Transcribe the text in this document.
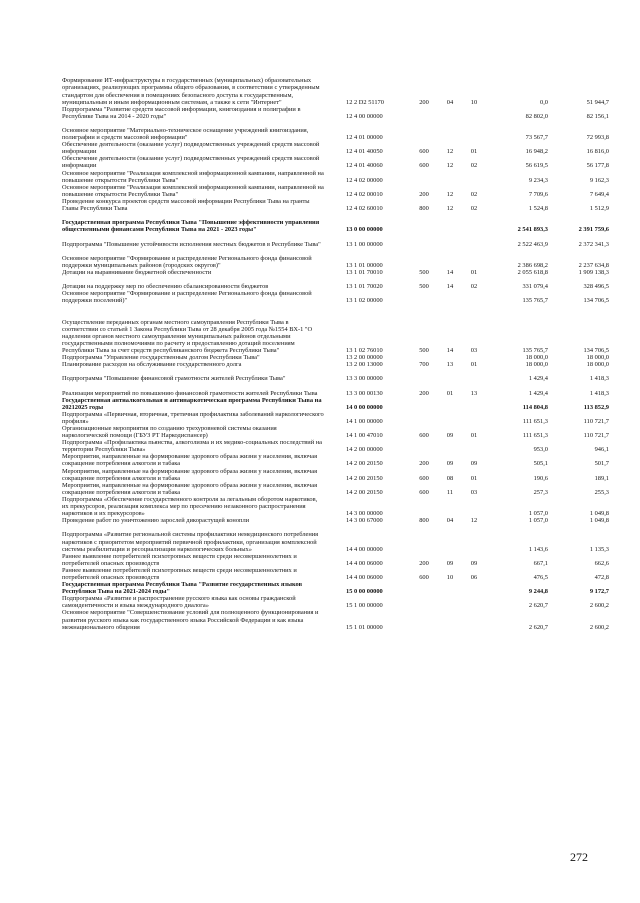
Формирование ИТ-инфраструктуры в государственных (муниципальных) образовательных организациях, реализующих программы общего образования, в соответствии с утвержденным стандартом для обеспечения в помещениях безопасного доступа к государственным, муниципальным и иным информационным системам, а также к сети "Интернет"	12 2 D2 51170	200	04	10	0,0	51 944,7
Подпрограмма "Развитие средств массовой информации, книгоиздания и полиграфии в Республике Тыва на 2014 - 2020 годы"	12 4 00 00000	82 802,0	82 156,1
Основное мероприятие "Материально-техническое оснащение учреждений книгоиздания, полиграфии и средств массовой информации"	12 4 01 00000	73 567,7	72 993,8
Обеспечение деятельности (оказание услуг) подведомственных учреждений средств массовой информации	12 4 01 40050	600	12	01	16 948,2	16 816,0
Обеспечение деятельности (оказание услуг) подведомственных учреждений средств массовой информации	12 4 01 40060	600	12	02	56 619,5	56 177,8
Основное мероприятие "Реализация комплексной информационной кампании, направленной на повышение открытости Республики Тыва"	12 4 02 00000	9 234,3	9 162,3
Основное мероприятие "Реализация комплексной информационной кампании, направленной на повышение открытости Республики Тыва"	12 4 02 00010	200	12	02	7 709,6	7 649,4
Проведение конкурса проектов средств массовой информации Республики Тыва на гранты Главы Республики Тыва	12 4 02 60010	800	12	02	1 524,8	1 512,9
Государственная программа Республики Тыва "Повышение эффективности управления общественными финансами Республики Тыва на 2021 - 2023 годы"	13 0 00 00000	2 541 893,3	2 391 759,6
Подпрограмма "Повышение устойчивости исполнения местных бюджетов в Республике Тыва"	13 1 00 00000	2 522 463,9	2 372 341,3
Основное мероприятие "Формирование и распределение Регионального фонда финансовой поддержки муниципальных районов (городских округов)"	13 1 01 00000	2 386 698,2	2 237 634,8
Дотации на выравнивание бюджетной обеспеченности	13 1 01 70010	500	14	01	2 055 618,8	1 909 138,3
Дотации на поддержку мер по обеспечению сбалансированности бюджетов	13 1 01 70020	500	14	02	331 079,4	328 496,5
Основное мероприятие "Формирование и распределение Регионального фонда финансовой поддержки поселений)"	13 1 02 00000	135 765,7	134 706,5
Осуществление переданных органам местного самоуправления Республики Тыва в соответствии со статьей 1 Закона Республики Тыва от 28 декабря 2005 года №1554 ВХ-1 "О наделении органов местного самоуправления муниципальных районов отдельными государственными полномочиями по расчету и предоставлению дотаций поселениям Республики Тыва за счет средств республиканского бюджета Республики Тыва"	13 1 02 76010	500	14	03	135 765,7	134 706,5
Подпрограмма "Управление государственным долгом Республики Тыва"	13 2 00 00000	18 000,0	18 000,0
Планирование расходов на обслуживание государственного долга	13 2 00 13000	700	13	01	18 000,0	18 000,0
Подпрограмма "Повышение финансовой грамотности жителей Республики Тыва"	13 3 00 00000	1 429,4	1 418,3
Реализация мероприятий по повышению финансовой грамотности жителей Республики Тыва	13 3 00 00130	200	01	13	1 429,4	1 418,3
Государственная антиалкогольная и антинаркотическая программа Республики Тыва на 20212025 годы	14 0 00 00000	114 804,8	113 852,9
Подпрограмма «Первичная, вторичная, третичная профилактика заболеваний наркологического профиля»	14 1 00 00000	111 651,3	110 721,7
Организационные мероприятия по созданию трехуровневой системы оказания наркологической помощи (ГБУЗ РТ Наркодиспансер)	14 1 00 47010	600	09	01	111 651,3	110 721,7
Подпрограмма «Профилактика пьянства, алкоголизма и их медико-социальных последствий на территории Республики Тыва»	14 2 00 00000	953,0	946,1
Мероприятия, направленные на формирование здорового образа жизни у населения, включая сокращение потребления алкоголя и табака	14 2 00 20150	200	09	09	505,1	501,7
Мероприятия, направленные на формирование здорового образа жизни у населения, включая сокращение потребления алкоголя и табака	14 2 00 20150	600	08	01	190,6	189,1
Мероприятия, направленные на формирование здорового образа жизни у населения, включая сокращение потребления алкоголя и табака	14 2 00 20150	600	11	03	257,3	255,3
Подпрограмма «Обеспечение государственного контроля за легальным оборотом наркотиков, их прекурсоров, реализация комплекса мер по пресечению незаконного распространения наркотиков и их прекурсоров»	14 3 00 00000	1 057,0	1 049,8
Проведение работ по уничтожению зарослей дикорастущей конопли	14 3 00 67000	800	04	12	1 057,0	1 049,8
Подпрограмма «Развитие региональной системы профилактики немедицинского потребления наркотиков с приоритетом мероприятий первичной профилактики, организация комплексной системы реабилитации и ресоциализации наркологических больных»	14 4 00 00000	1 143,6	1 135,3
Раннее выявление потребителей психотропных веществ среди несовершеннолетних и потребителей опасных производств	14 4 00 06000	200	09	09	667,1	662,6
Раннее выявление потребителей психотропных веществ среди несовершеннолетних и потребителей опасных производств	14 4 00 06000	600	10	06	476,5	472,8
Государственная программа Республики Тыва "Развитие государственных языков Республики Тыва на 2021-2024 годы"	15 0 00 00000	9 244,8	9 172,7
Подпрограмма «Развитие и распространение русского языка как основы гражданской самоидентичности и языка международного диалога»	15 1 00 00000	2 620,7	2 600,2
Основное мероприятие "Совершенствование условий для полноценного функционирования и развития русского языка как государственного языка Российской Федерации и как языка межнационального общения	15 1 01 00000	2 620,7	2 600,2
272
